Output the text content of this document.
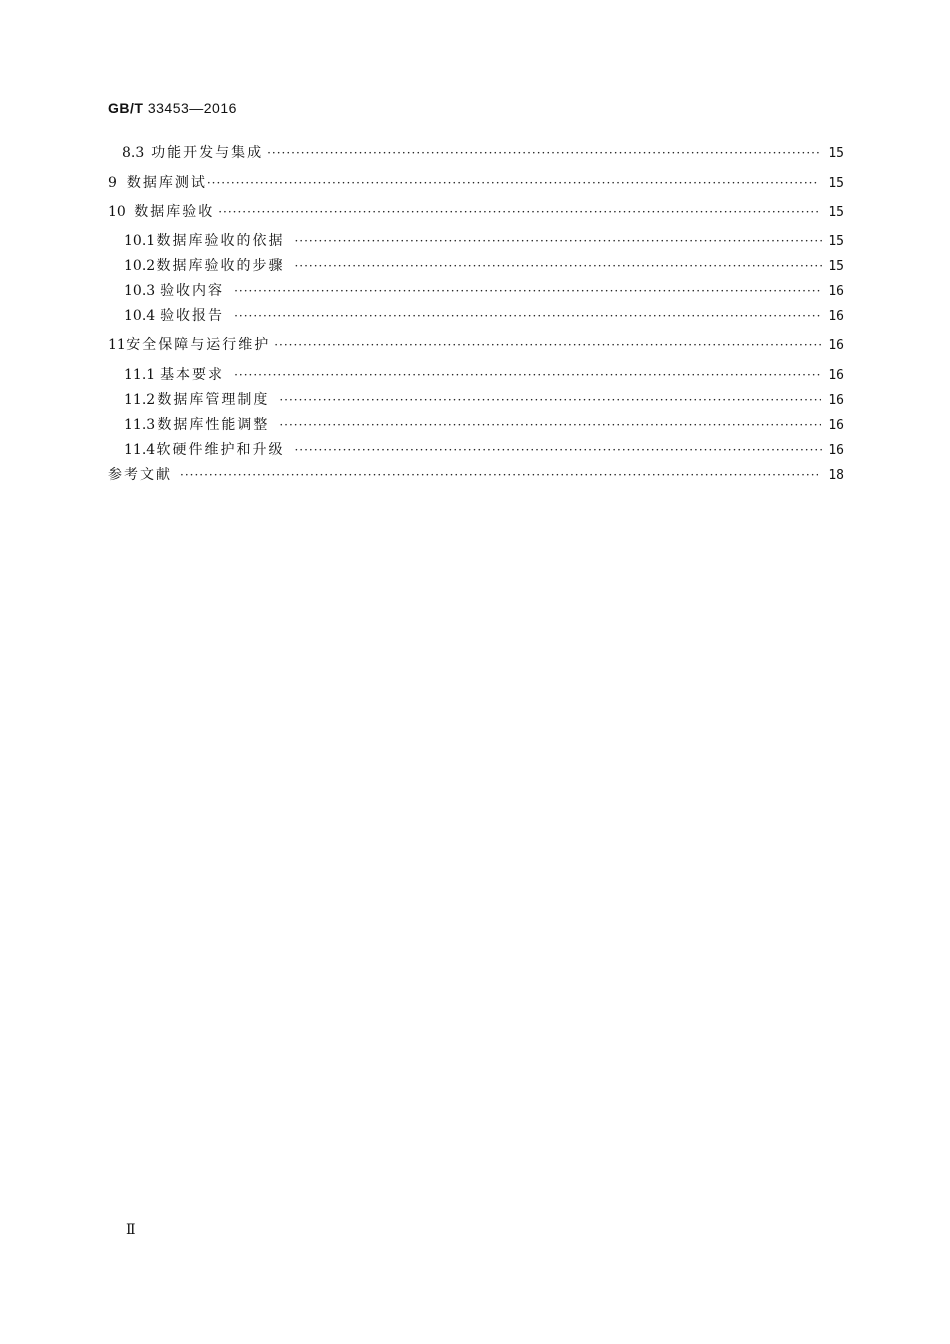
GB/T 33453—2016
8.3 功能开发与集成 ·····	15
9 数据库测试 ·····	15
10 数据库验收 ·····	15
10.1 数据库验收的依据 ·····	15
10.2 数据库验收的步骤 ·····	15
10.3 验收内容 ·····	16
10.4 验收报告 ·····	16
11 安全保障与运行维护 ·····	16
11.1 基本要求 ·····	16
11.2 数据库管理制度 ·····	16
11.3 数据库性能调整 ·····	16
11.4 软硬件维护和升级 ·····	16
参考文献 ·····	18
Ⅱ
